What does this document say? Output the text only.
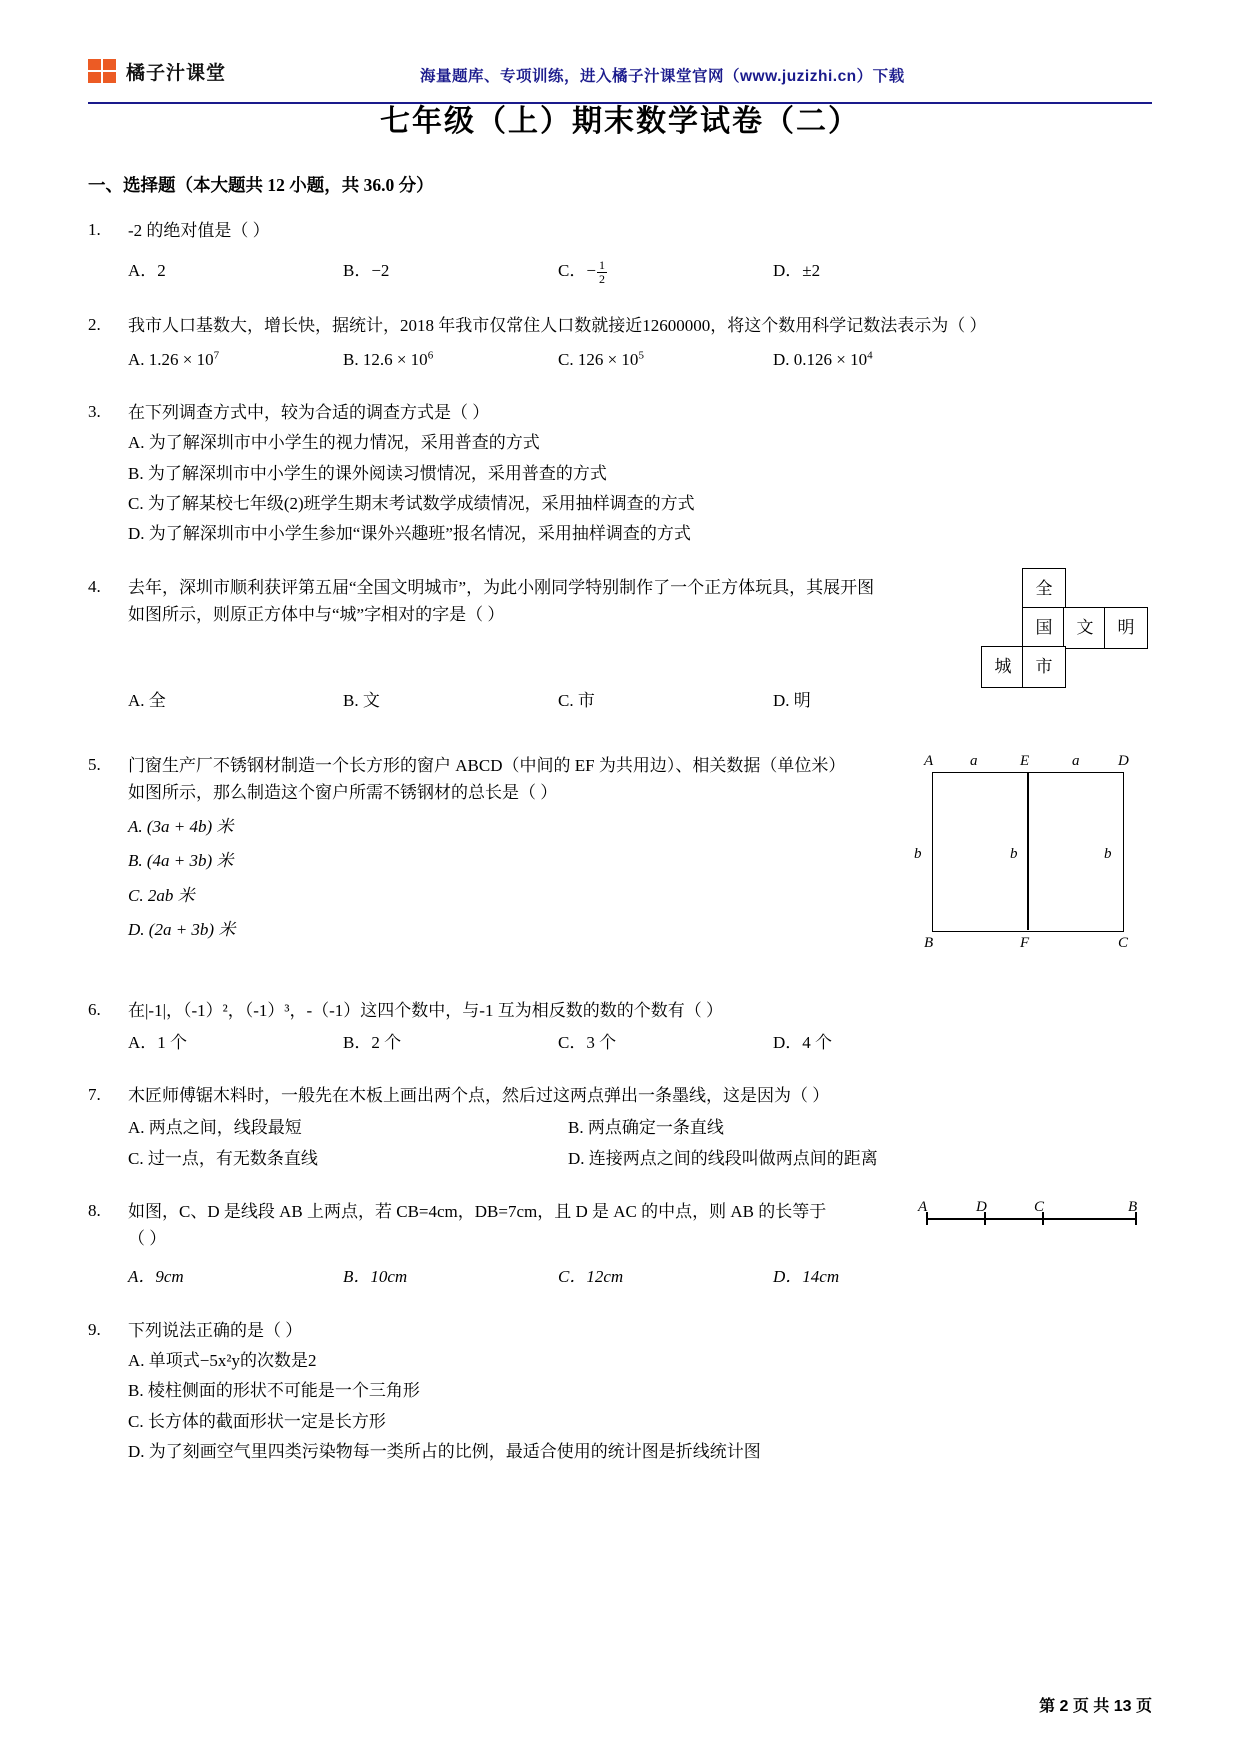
橘子汁课堂	海量题库、专项训练，进入橘子汁课堂官网（www.juzizhi.cn）下载
七年级（上）期末数学试卷（二）
一、选择题（本大题共 12 小题，共 36.0 分）
1.	-2 的绝对值是（ ）
A．2	B．−2	C．− $\frac{1}{2}$	D．±2
2.	我市人口基数大，增长快，据统计，2018 年我市仅常住人口数就接近12600000，将这个数用科学记数法表示为（ ）
A. $1.26 \times 10^7$	B. $12.6 \times 10^6$	C. $126 \times 10^5$	D. $0.126 \times 10^4$
3.	在下列调查方式中，较为合适的调查方式是（ ）
A. 为了解深圳市中小学生的视力情况，采用普查的方式
B. 为了解深圳市中小学生的课外阅读习惯情况，采用普查的方式
C. 为了解某校七年级(2)班学生期末考试数学成绩情况，采用抽样调查的方式
D. 为了解深圳市中小学生参加“课外兴趣班”报名情况，采用抽样调查的方式
4.	去年，深圳市顺利获评第五届“全国文明城市”，为此小刚同学特别制作了一个正方体玩具，其展开图如图所示，则原正方体中与“城”字相对的字是（ ）
全
国	文	明
城	市
A. 全	B. 文	C. 市	D. 明
5.	门窗生产厂不锈钢材制造一个长方形的窗户 ABCD（中间的 EF 为共用边）、相关数据（单位米）如图所示，那么制造这个窗户所需不锈钢材的总长是（ ）
A a	E	a	D
b	b	b
B	F	C
A. (3a + 4b) 米
B. (4a + 3b) 米
C. 2ab 米
D. (2a + 3b) 米
6.	在|-1|，（-1）²，（-1）³，-（-1）这四个数中，与-1 互为相反数的数的个数有（ ）
A．1 个	B．2 个	C．3 个	D．4 个
7.	木匠师傅锯木料时，一般先在木板上画出两个点，然后过这两点弹出一条墨线，这是因为（ ）
A. 两点之间，线段最短	B. 两点确定一条直线
C. 过一点，有无数条直线	D. 连接两点之间的线段叫做两点间的距离
8.	如图，C、D 是线段 AB 上两点，若 CB=4cm，DB=7cm，且 D 是 AC 的中点，则 AB 的长等于（ ）
A	D	C	B
A．9cm	B．10cm	C．12cm	D．14cm
9.	下列说法正确的是（ ）
A. 单项式−5x²y的次数是2
B. 棱柱侧面的形状不可能是一个三角形
C. 长方体的截面形状一定是长方形
D. 为了刻画空气里四类污染物每一类所占的比例，最适合使用的统计图是折线统计图
第 2 页 共 13 页
